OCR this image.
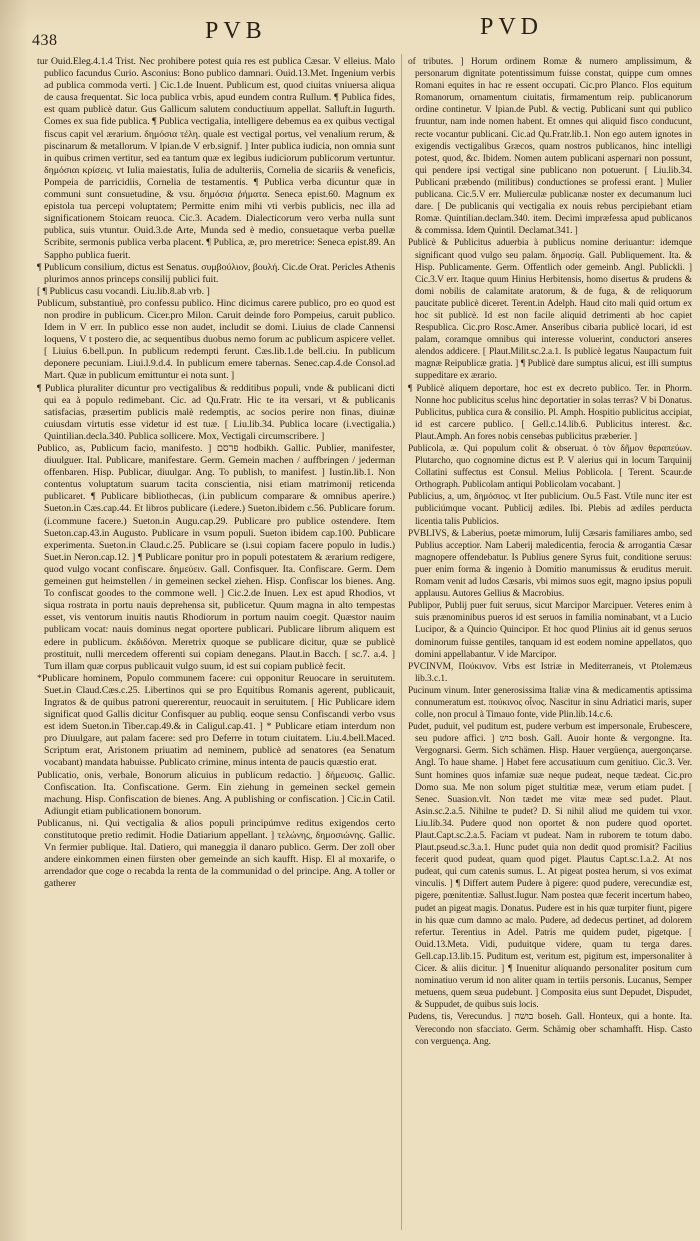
438	PVB	PVD

tur Ouid.Eleg.4.1.4 Trist. Nec prohibere potest quia res est publica Cæsar. V elleius. Malo publico facundus Curio. Asconius: Bono publico damnari. Ouid.13.Met. Ingenium verbis ad publica commoda verti. ] Cic.1.de Inuent. Publicum est, quod ciuitas vniuersa aliqua de causa frequentat. Sic loca publica vrbis, apud eundem contra Rullum. ¶ Publica fides, est quam publicè datur. Gus Gallicum salutem conductiuum appellat. Salluft.in Iugurth. Comes ex sua fide publica. ¶ Publica vectigalia, intelligere debemus ea ex quibus vectigal fiscus capit vel ærarium. δημόσια τέλη. quale est vectigal portus, vel venalium rerum, & piscinarum & metallorum. V lpian.de V erb.signif. ] Inter publica iudicia, non omnia sunt in quibus crimen vertitur, sed ea tantum quæ ex legibus iudiciorum publicorum vertuntur. δημόσιαι κρίσεις. vt Iulia maiestatis, Iulia de adulteriis, Cornelia de sicariis & veneficis, Pompeia de parricidiis, Cornelia de testamentis. ¶ Publica verba dicuntur quæ in communi sunt consuetudine, & vsu. δημόσια ῥήματα. Seneca epist.60. Magnum ex epistola tua percepi voluptatem; Permitte enim mihi vti verbis publicis, nec illa ad significationem Stoicam reuoca. Cic.3. Academ. Dialecticorum vero verba nulla sunt publica, suis vtuntur. Ouid.3.de Arte, Munda sed è medio, consuetaque verba puellæ Scribite, sermonis publica verba placent. ¶ Publica, æ, pro meretrice: Seneca epist.89. An Sappho publica fuerit.

¶ Publicum consilium, dictus est Senatus. συμβούλιον, βουλή. Cic.de Orat. Pericles Athenis plurimos annos princeps consilij publici fuit.

[ ¶ Publicus casu vocandi. Liu.lib.8.ab vrb. ]

Publicum, substantiuè, pro confessu publico. Hinc dicimus carere publico, pro eo quod est non prodire in publicum. Cicer.pro Milon. Caruit deinde foro Pompeius, caruit publico. Idem in V err. In publico esse non audet, includit se domi. Liuius de clade Cannensi loquens, V t postero die, ac sequentibus duobus nemo forum ac publicum aspicere vellet. [ Liuius 6.bell.pun. In publicum redempti ferunt. Cæs.lib.1.de bell.ciu. In publicum deponere pecuniam. Liui.l.9.d.4. In publicum emere tabernas. Senec.cap.4.de Consol.ad Mart. Quæ in publicum emittuntur ei nota sunt. ]

¶ Publica pluraliter dicuntur pro vectigalibus & redditibus populi, vnde & publicani dicti qui ea à populo redimebant. Cic. ad Qu.Fratr. Hic te ita versari, vt & publicanis satisfacias, præsertim publicis malè redemptis, ac socios perire non finas, diuinæ cuiusdam virtutis esse videtur id est tuæ. [ Liu.lib.34. Publica locare (i.vectigalia.) Quintilian.decla.340. Publica sollicere. Mox, Vectigali circumscribere. ]

Publico, as, Publicum facio, manifesto. ] פרסם hodbikh. Gallic. Publier, manifester, diuulguer. Ital. Publicare, manifestare. Germ. Gemein machen / auffbringen / jederman offenbaren. Hisp. Publicar, diuulgar. Ang. To publish, to manifest. ] Iustin.lib.1. Non contentus voluptatum suarum tacita conscientia, nisi etiam matrimonij reticenda publicaret. ¶ Publicare bibliothecas, (i.in publicum comparare & omnibus aperire.) Sueton.in Cæs.cap.44. Et libros publicare (i.edere.) Sueton.ibidem c.56. Publicare forum. (i.commune facere.) Sueton.in Augu.cap.29. Publicare pro publice ostendere. Item Sueton.cap.43.in Augusto. Publicare in vsum populi. Sueton ibidem cap.100. Publicare experimenta. Sueton.in Claud.c.25. Publicare se (i.sui copiam facere populo in ludis.) Suet.in Neron.cap.12. ] ¶ Publicare ponitur pro in populi potestatem & ærarium redigere, quod vulgo vocant confiscare. δημεύειν. Gall. Confisquer. Ita. Confiscare. Germ. Dem gemeinen gut heimstellen / in gemeinen seckel ziehen. Hisp. Confiscar los bienes. Ang. To confiscat goodes to the commone well. ] Cic.2.de Inuen. Lex est apud Rhodios, vt siqua rostrata in portu nauis deprehensa sit, publicetur. Quum magna in alto tempestas esset, vis ventorum inuitis nautis Rhodiorum in portum nauim coegit. Quæstor nauim publicam vocat: nauis dominus negat oportere publicari. Publicare librum aliquem est edere in publicum. ἐκδιδόναι. Meretrix quoque se publicare dicitur, quæ se publicè prostituit, nulli mercedem offerenti sui copiam denegans. Plaut.in Bacch. [ sc.7. a.4. ] Tum illam quæ corpus publicauit vulgo suum, id est sui copiam publicè fecit.

*Publicare hominem, Populo communem facere: cui opponitur Reuocare in seruitutem. Suet.in Claud.Cæs.c.25. Libertinos qui se pro Equitibus Romanis agerent, publicauit, Ingratos & de quibus patroni quererentur, reuocauit in seruitutem. [ Hic Publicare idem significat quod Gallis dicitur Confisquer au publiq. eoque sensu Confiscandi verbo vsus est idem Sueton.in Tiber.cap.49.& in Caligul.cap.41. ] * Publicare etiam interdum non pro Diuulgare, aut palam facere: sed pro Deferre in totum ciuitatem. Liu.4.bell.Maced. Scriptum erat, Aristonem priuatim ad neminem, publicè ad senatores (ea Senatum vocabant) mandata habuisse. Publicato crimine, minus intenta de paucis quæstio erat.

Publicatio, onis, verbale, Bonorum alicuius in publicum redactio. ] δήμευσις. Gallic. Confiscation. Ita. Confiscatione. Germ. Ein ziehung in gemeinen seckel gemein machung. Hisp. Confiscation de bienes. Ang. A publishing or confiscation. ] Cic.in Catil. Adiungit etiam publicationem bonorum.

Publicanus, ni. Qui vectigalia & alios populi principúmve reditus exigendos certo constitutoque pretio redimit. Hodie Datiarium appellant. ] τελώνης, δημοσιώνης. Gallic. Vn fermier publique. Ital. Datiero, qui maneggia il danaro publico. Germ. Der zoll ober andere einkommen einen fürsten ober gemeinde an sich kaufft. Hisp. El al moxarife, o arrendador que coge o recabda la renta de la communidad o del principe. Ang. A toller or gatherer

of tributes. ] Horum ordinem Romæ & numero amplissimum, & personarum dignitate potentissimum fuisse constat, quippe cum omnes Romani equites in hac re essent occupati. Cic.pro Planco. Flos equitum Romanorum, ornamentum ciuitatis, firmamentum reip. publicanorum ordine continetur. V lpian.de Publ. & vectig. Publicani sunt qui publico fruuntur, nam inde nomen habent. Et omnes qui aliquid fisco conducunt, recte vocantur publicani. Cic.ad Qu.Fratr.lib.1. Non ego autem ignotes in exigendis vectigalibus Græcos, quam nostros publicanos, hinc intelligi potest, quod, &c. Ibidem. Nomen autem publicani aspernari non possunt, qui pendere ipsi vectigal sine publicano non potuerunt. [ Liu.lib.34. Publicani præbendo (militibus) conductiones se professi erant. ] Mulier publicana. Cic.5.V err. Mulierculæ publicanæ noster ex decumanum luci dare. [ De publicanis qui vectigalia ex nouis rebus percipiebant etiam Romæ. Quintilian.declam.340. item. Decimi impræfessa apud publicanos & commissa. Idem Quintil. Declamat.341. ]

Publicè & Publicitus aduerbia à publicus nomine deriuantur: idemque significant quod vulgo seu palam. δημοσίᾳ. Gall. Publiquement. Ita. & Hisp. Publicamente. Germ. Offentlich oder gemeinb. Angl. Publickli. ] Cic.3.V err. Itaque quum Hinius Herbitensis, homo disertus & prudens & domi nobilis de calamitate aratorum, & de fuga, & de reliquorum paucitate publicè diceret. Terent.in Adelph. Haud cito mali quid ortum ex hoc sit publicè. Id est non facile aliquid detrimenti ab hoc capiet Respublica. Cic.pro Rosc.Amer. Anseribus cibaria publicè locari, id est palam, coramque omnibus qui interesse voluerint, conductori anseres alendos addicere. [ Plaut.Milit.sc.2.a.1. Is publicè legatus Naupactum fuit magnæ Reipublicæ gratia. ] ¶ Publicè dare sumptus alicui, est illi sumptus suppeditare ex ærario.

¶ Publicè aliquem deportare, hoc est ex decreto publico. Ter. in Phorm. Nonne hoc publicitus scelus hinc deportatier in solas terras? V bi Donatus. Publicitus, publica cura & consilio. Pl. Amph. Hospitio publicitus accipiat, id est carcere publico. [ Gell.c.14.lib.6. Publicitus interest. &c. Plaut.Amph. An fores nobis censebas publicitus præberier. ]

Publicola, æ. Qui populum colit & obseruat. ὁ τὸν δῆμον θεραπεύων. Plutarcho, quo cognomine dictus est P. V alerius qui in locum Tarquinij Collatini suffectus est Consul. Melius Poblicola. [ Terent. Scaur.de Orthograph. Publicolam antiqui Poblicolam vocabant. ]

Publicius, a, um, δημόσιος. vt Iter publicium. Ou.5 Fast. Vtile nunc iter est publiciúmque vocant. Publicij ædiles. Ibi. Plebis ad ædiles perducta licentia talis Publicios.

PVBLIVS, & Laberius, poetæ mimorum, Iulij Cæsaris familiares ambo, sed Publius acceptior. Nam Laberij maledicentia, ferocia & arrogantia Cæsar magnopere offendebatur. Is Publius genere Syrus fuit, conditione seruus: puer enim forma & ingenio à Domitio manumissus & eruditus meruit. Romam venit ad ludos Cæsaris, vbi mimos suos egit, magno ipsius populi applausu. Autores Gellius & Macrobius.

Publipor, Publij puer fuit seruus, sicut Marcipor Marcipuer. Veteres enim à suis prænominibus pueros id est seruos in familia nominabant, vt a Lucio Lucipor, & a Quincio Quincipor. Et hoc quod Plinius ait id genus seruos dominorum fuisse gentiles, tanquam id est eodem nomine appellatos, quo domini appellabantur. V ide Marcipor.

PVCINVM, Πούκινον. Vrbs est Istriæ in Mediterraneis, vt Ptolemæus lib.3.c.1.

Pucinum vinum. Inter generosissima Italiæ vina & medicamentis aptissima connumeratum est. πούκινος οἶνος. Nascitur in sinu Adriatici maris, super colle, non procul à Timauo fonte, vide Plin.lib.14.c.6.

Pudet, puduit, vel puditum est, pudere verbum est impersonale, Erubescere, seu pudore affici. ] בוש bosh. Gall. Auoir honte & vergongne. Ita. Vergognarsi. Germ. Sich schämen. Hisp. Hauer vergüença, auergonçarse. Angl. To haue shame. ] Habet fere accusatiuum cum genitiuo. Cic.3. Ver. Sunt homines quos infamiæ suæ neque pudeat, neque tædeat. Cic.pro Domo sua. Me non solum piget stultitiæ meæ, verum etiam pudet. [ Senec. Suasion.vlt. Non tædet me vitæ meæ sed pudet. Plaut. Asin.sc.2.a.5. Nihilne te pudet? D. Si nihil aliud me quidem tui vxor. Liu.lib.34. Pudere quod non oportet & non pudere quod oportet. Plaut.Capt.sc.2.a.5. Faciam vt pudeat. Nam in ruborem te totum dabo. Plaut.pseud.sc.3.a.1. Hunc pudet quia non dedit quod promisit? Facilius fecerit quod pudeat, quam quod piget. Plautus Capt.sc.1.a.2. At nos pudeat, qui cum catenis sumus. L. At pigeat postea herum, si vos eximat vinculis. ] ¶ Differt autem Pudere à pigere: quod pudere, verecundiæ est, pigere, pœnitentiæ. Sallust.Iugur. Nam postea quæ fecerit incertum habeo, pudet an pigeat magis. Donatus. Pudere est in his quæ turpiter fiunt, pigere in his quæ cum damno ac malo. Pudere, ad dedecus pertinet, ad dolorem refertur. Terentius in Adel. Patris me quidem pudet, pigetque. [ Ouid.13.Meta. Vidi, puduitque videre, quam tu terga dares. Gell.cap.13.lib.15. Puditum est, veritum est, pigitum est, impersonaliter à Cicer. & aliis dicitur. ] ¶ Inuenitur aliquando personaliter positum cum nominatiuo verum id non aliter quam in tertiis personis. Lucanus, Semper metuens, quem sæua pudebunt. ] Composita eius sunt Depudet, Dispudet, & Suppudet, de quibus suis locis.

Pudens, tis, Verecundus. ] בושה boseh. Gall. Honteux, qui a honte. Ita. Verecondo non sfacciato. Germ. Schämig ober schamhafft. Hisp. Casto con verguença. Ang.
